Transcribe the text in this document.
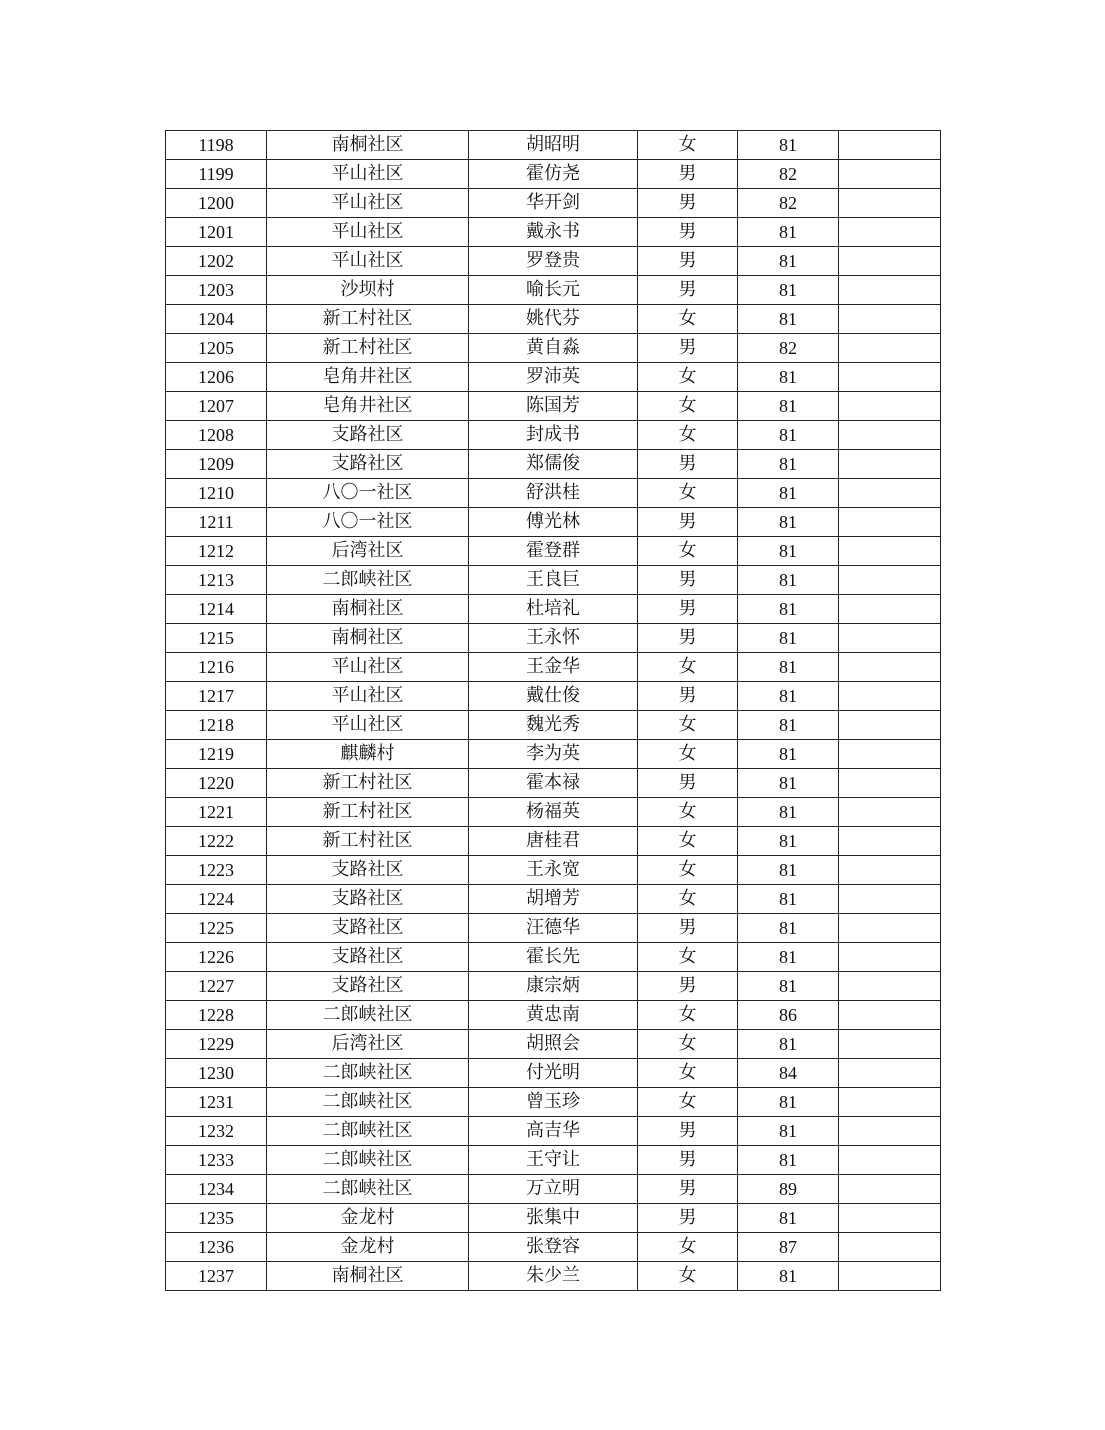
1198	南桐社区	胡昭明	女	81	
1199	平山社区	霍仿尧	男	82	
1200	平山社区	华开剑	男	82	
1201	平山社区	戴永书	男	81	
1202	平山社区	罗登贵	男	81	
1203	沙坝村	喻长元	男	81	
1204	新工村社区	姚代芬	女	81	
1205	新工村社区	黄自淼	男	82	
1206	皂角井社区	罗沛英	女	81	
1207	皂角井社区	陈国芳	女	81	
1208	支路社区	封成书	女	81	
1209	支路社区	郑儒俊	男	81	
1210	八〇一社区	舒洪桂	女	81	
1211	八〇一社区	傅光林	男	81	
1212	后湾社区	霍登群	女	81	
1213	二郎峡社区	王良巨	男	81	
1214	南桐社区	杜培礼	男	81	
1215	南桐社区	王永怀	男	81	
1216	平山社区	王金华	女	81	
1217	平山社区	戴仕俊	男	81	
1218	平山社区	魏光秀	女	81	
1219	麒麟村	李为英	女	81	
1220	新工村社区	霍本禄	男	81	
1221	新工村社区	杨福英	女	81	
1222	新工村社区	唐桂君	女	81	
1223	支路社区	王永宽	女	81	
1224	支路社区	胡增芳	女	81	
1225	支路社区	汪德华	男	81	
1226	支路社区	霍长先	女	81	
1227	支路社区	康宗炳	男	81	
1228	二郎峡社区	黄忠南	女	86	
1229	后湾社区	胡照会	女	81	
1230	二郎峡社区	付光明	女	84	
1231	二郎峡社区	曾玉珍	女	81	
1232	二郎峡社区	高吉华	男	81	
1233	二郎峡社区	王守让	男	81	
1234	二郎峡社区	万立明	男	89	
1235	金龙村	张集中	男	81	
1236	金龙村	张登容	女	87	
1237	南桐社区	朱少兰	女	81	
